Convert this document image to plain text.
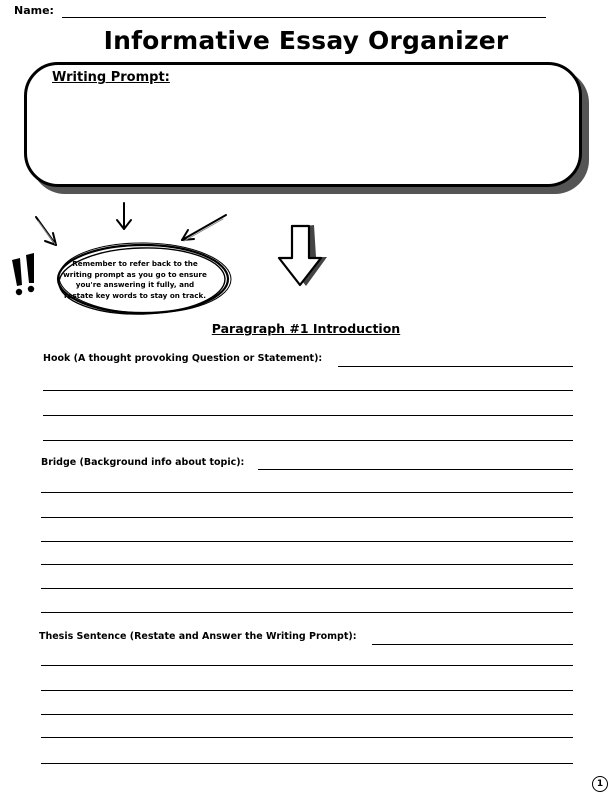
Name:
Informative Essay Organizer
Writing Prompt:
Remember to refer back to the writing prompt as you go to ensure you're answering it fully, and restate key words to stay on track.
Paragraph #1 Introduction
Hook (A thought provoking Question or Statement):
Bridge (Background info about topic):
Thesis Sentence (Restate and Answer the Writing Prompt):
1
